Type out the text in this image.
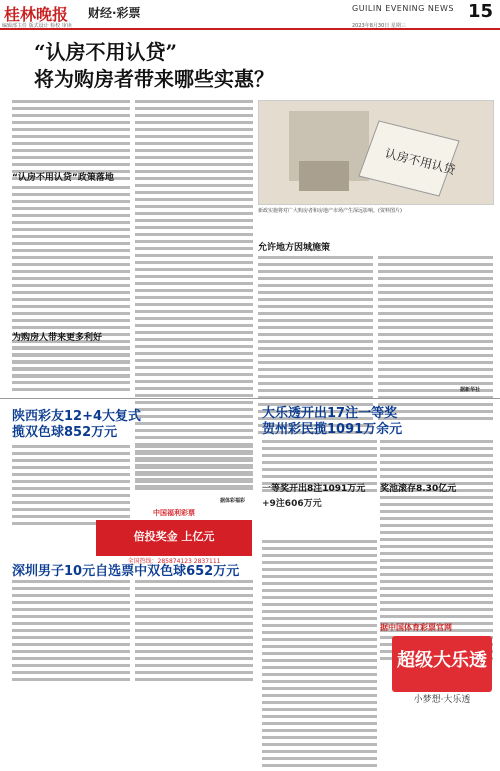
桂林晚报 财经·彩票	GUILIN EVENING NEWS 15
编辑部主任 版式设计 检校 审读	2023年8月30日 星期三
“认房不用认贷”
将为购房者带来哪些实惠？
“认房不用认贷”政策落地
为购房人带来更多利好
认房不用认贷
新政实施将对广大购房者和房地产市场产生深远影响。(资料图片)
允许地方因城施策
据新华社
陕西彩友12+4大复式
揽双色球852万元
大乐透开出17注一等奖
贺州彩民揽1091万余元
据体彩福彩
中国福利彩票
倍投奖金 上亿元
全国热线：285874123 2837111
深圳男子10元自选票中双色球652万元
一等奖开出8注1091万元
+9注606万元
奖池滚存8.30亿元
据中国体育彩票官网
超级大乐透
小梦想·大乐透
